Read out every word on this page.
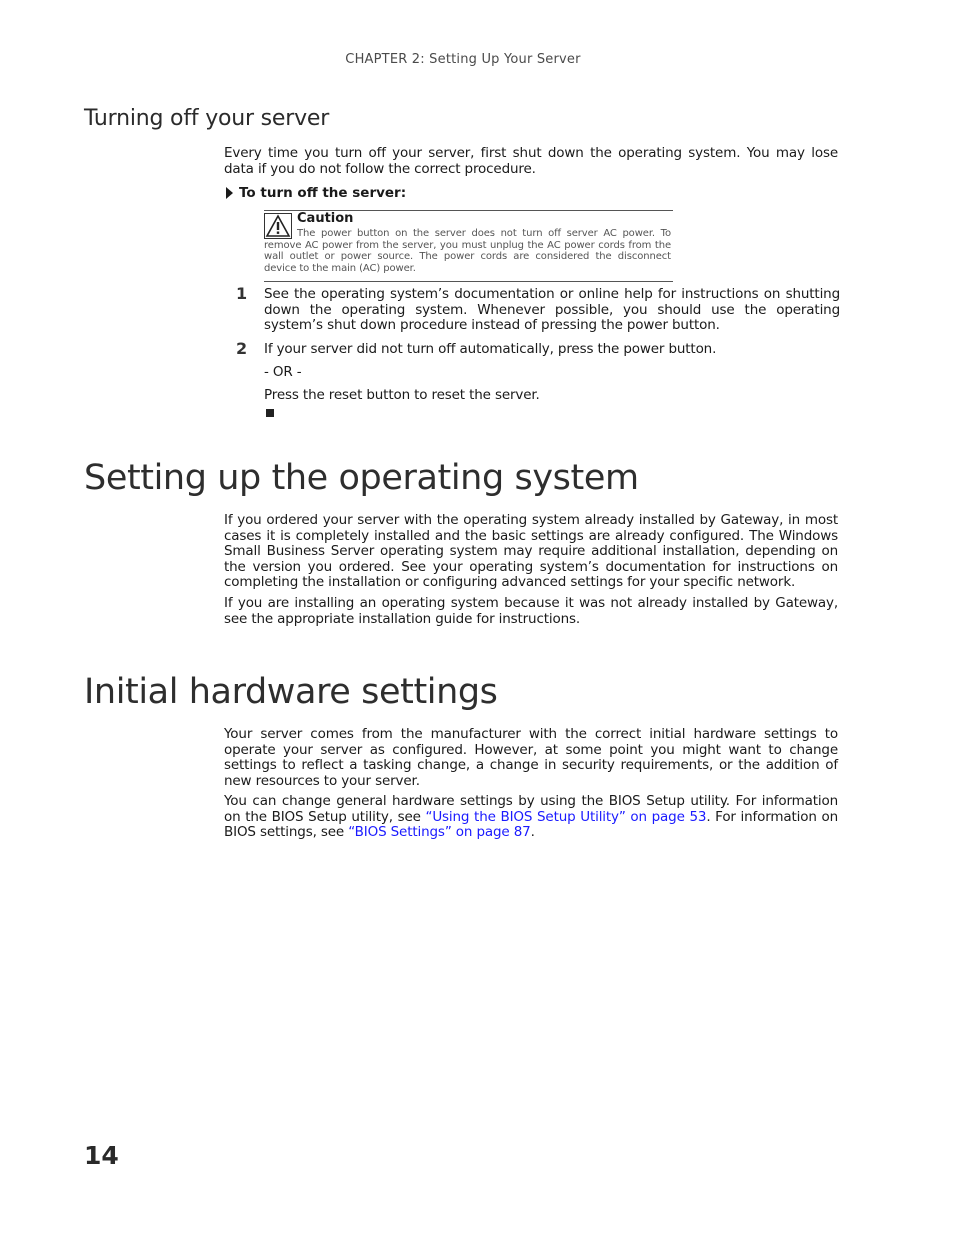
CHAPTER 2: Setting Up Your Server
Turning off your server

Every time you turn off your server, first shut down the operating system. You may lose data if you do not follow the correct procedure.

To turn off the server:
Caution

The power button on the server does not turn off server AC power. To remove AC power from the server, you must unplug the AC power cords from the wall outlet or power source. The power cords are considered the disconnect device to the main (AC) power.

1 See the operating system’s documentation or online help for instructions on shutting down the operating system. Whenever possible, you should use the operating system’s shut down procedure instead of pressing the power button.

2 If your server did not turn off automatically, press the power button.

- OR -

Press the reset button to reset the server.

Setting up the operating system

If you ordered your server with the operating system already installed by Gateway, in most cases it is completely installed and the basic settings are already configured. The Windows Small Business Server operating system may require additional installation, depending on the version you ordered. See your operating system’s documentation for instructions on completing the installation or configuring advanced settings for your specific network.

If you are installing an operating system because it was not already installed by Gateway, see the appropriate installation guide for instructions.

Initial hardware settings

Your server comes from the manufacturer with the correct initial hardware settings to operate your server as configured. However, at some point you might want to change settings to reflect a tasking change, a change in security requirements, or the addition of new resources to your server.

You can change general hardware settings by using the BIOS Setup utility. For information on the BIOS Setup utility, see “Using the BIOS Setup Utility” on page 53. For information on BIOS settings, see “BIOS Settings” on page 87.

14
